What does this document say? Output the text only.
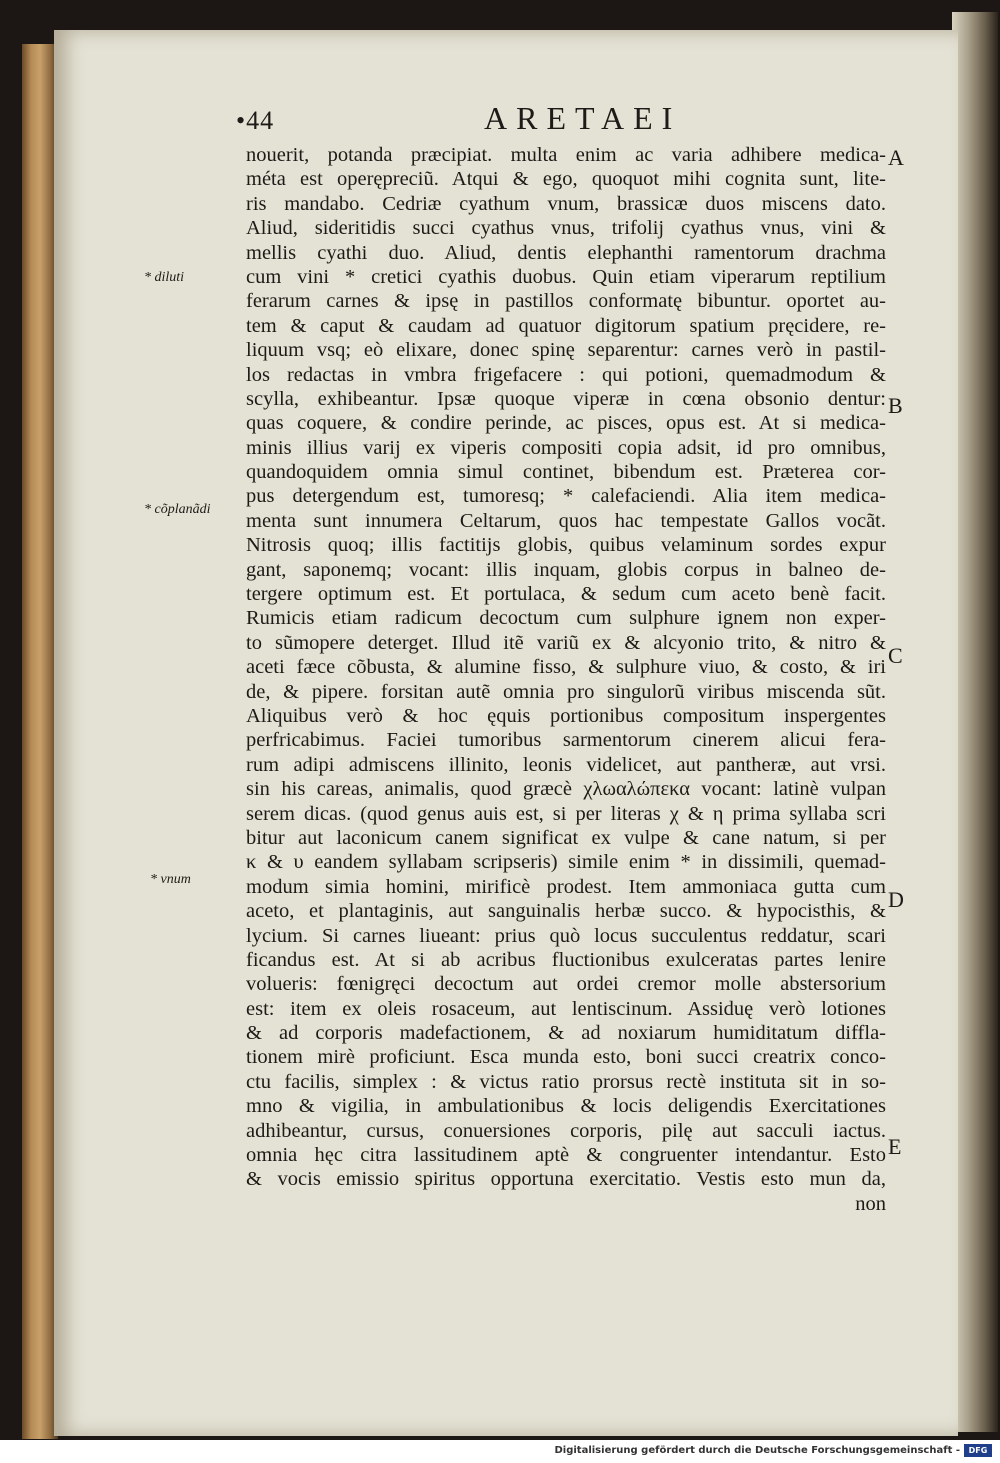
•44	ARETAEI
nouerit, potanda præcipiat. multa enim ac varia adhibere medica-
méta est operępreciũ. Atqui & ego, quoquot mihi cognita sunt, lite-
ris mandabo. Cedriæ cyathum vnum, brassicæ duos miscens dato.
Aliud, sideritidis succi cyathus vnus, trifolij cyathus vnus, vini &
mellis cyathi duo. Aliud, dentis elephanthi ramentorum drachma
cum vini * cretici cyathis duobus. Quin etiam viperarum reptilium
ferarum carnes & ipsę in pastillos conformatę bibuntur. oportet au-
tem & caput & caudam ad quatuor digitorum spatium pręcidere, re-
liquum vsq; eò elixare, donec spinę separentur: carnes verò in pastil-
los redactas in vmbra frigefacere : qui potioni, quemadmodum &
scylla, exhibeantur. Ipsæ quoque viperæ in cœna obsonio dentur:
quas coquere, & condire perinde, ac pisces, opus est. At si medica-
minis illius varij ex viperis compositi copia adsit, id pro omnibus,
quandoquidem omnia simul continet, bibendum est. Præterea cor-
pus detergendum est, tumoresq; * calefaciendi. Alia item medica-
menta sunt innumera Celtarum, quos hac tempestate Gallos vocãt.
Nitrosis quoq; illis factitijs globis, quibus velaminum sordes expur
gant, saponemq; vocant: illis inquam, globis corpus in balneo de-
tergere optimum est. Et portulaca, & sedum cum aceto benè facit.
Rumicis etiam radicum decoctum cum sulphure ignem non exper-
to sũmopere deterget. Illud itẽ variũ ex & alcyonio trito, & nitro &
aceti fæce cõbusta, & alumine fisso, & sulphure viuo, & costo, & iri
de, & pipere. forsitan autẽ omnia pro singulorũ viribus miscenda sũt.
Aliquibus verò & hoc ęquis portionibus compositum inspergentes
perfricabimus. Faciei tumoribus sarmentorum cinerem alicui fera-
rum adipi admiscens illinito, leonis videlicet, aut pantheræ, aut vrsi.
sin his careas, animalis, quod græcè χλωαλώπεκα vocant: latinè vulpan
serem dicas. (quod genus auis est, si per literas χ & η prima syllaba scri
bitur aut laconicum canem significat ex vulpe & cane natum, si per
κ & υ eandem syllabam scripseris) simile enim * in dissimili, quemad-
modum simia homini, mirificè prodest. Item ammoniaca gutta cum
aceto, et plantaginis, aut sanguinalis herbæ succo. & hypocisthis, &
lycium. Si carnes liueant: prius quò locus succulentus reddatur, scari
ficandus est. At si ab acribus fluctionibus exulceratas partes lenire
volueris: fœnigręci decoctum aut ordei cremor molle abstersorium
est: item ex oleis rosaceum, aut lentiscinum. Assiduę verò lotiones
& ad corporis madefactionem, & ad noxiarum humiditatum diffla-
tionem mirè proficiunt. Esca munda esto, boni succi creatrix conco-
ctu facilis, simplex : & victus ratio prorsus rectè instituta sit in so-
mno & vigilia, in ambulationibus & locis deligendis Exercitationes
adhibeantur, cursus, conuersiones corporis, pilę aut sacculi iactus.
omnia hęc citra lassitudinem aptè & congruenter intendantur. Esto
& vocis emissio spiritus opportuna exercitatio. Vestis esto mun da,
non
* diluti
* cõplanãdi
* vnum
A
B
C
D
E
Digitalisierung gefördert durch die Deutsche Forschungsgemeinschaft -	DFG
